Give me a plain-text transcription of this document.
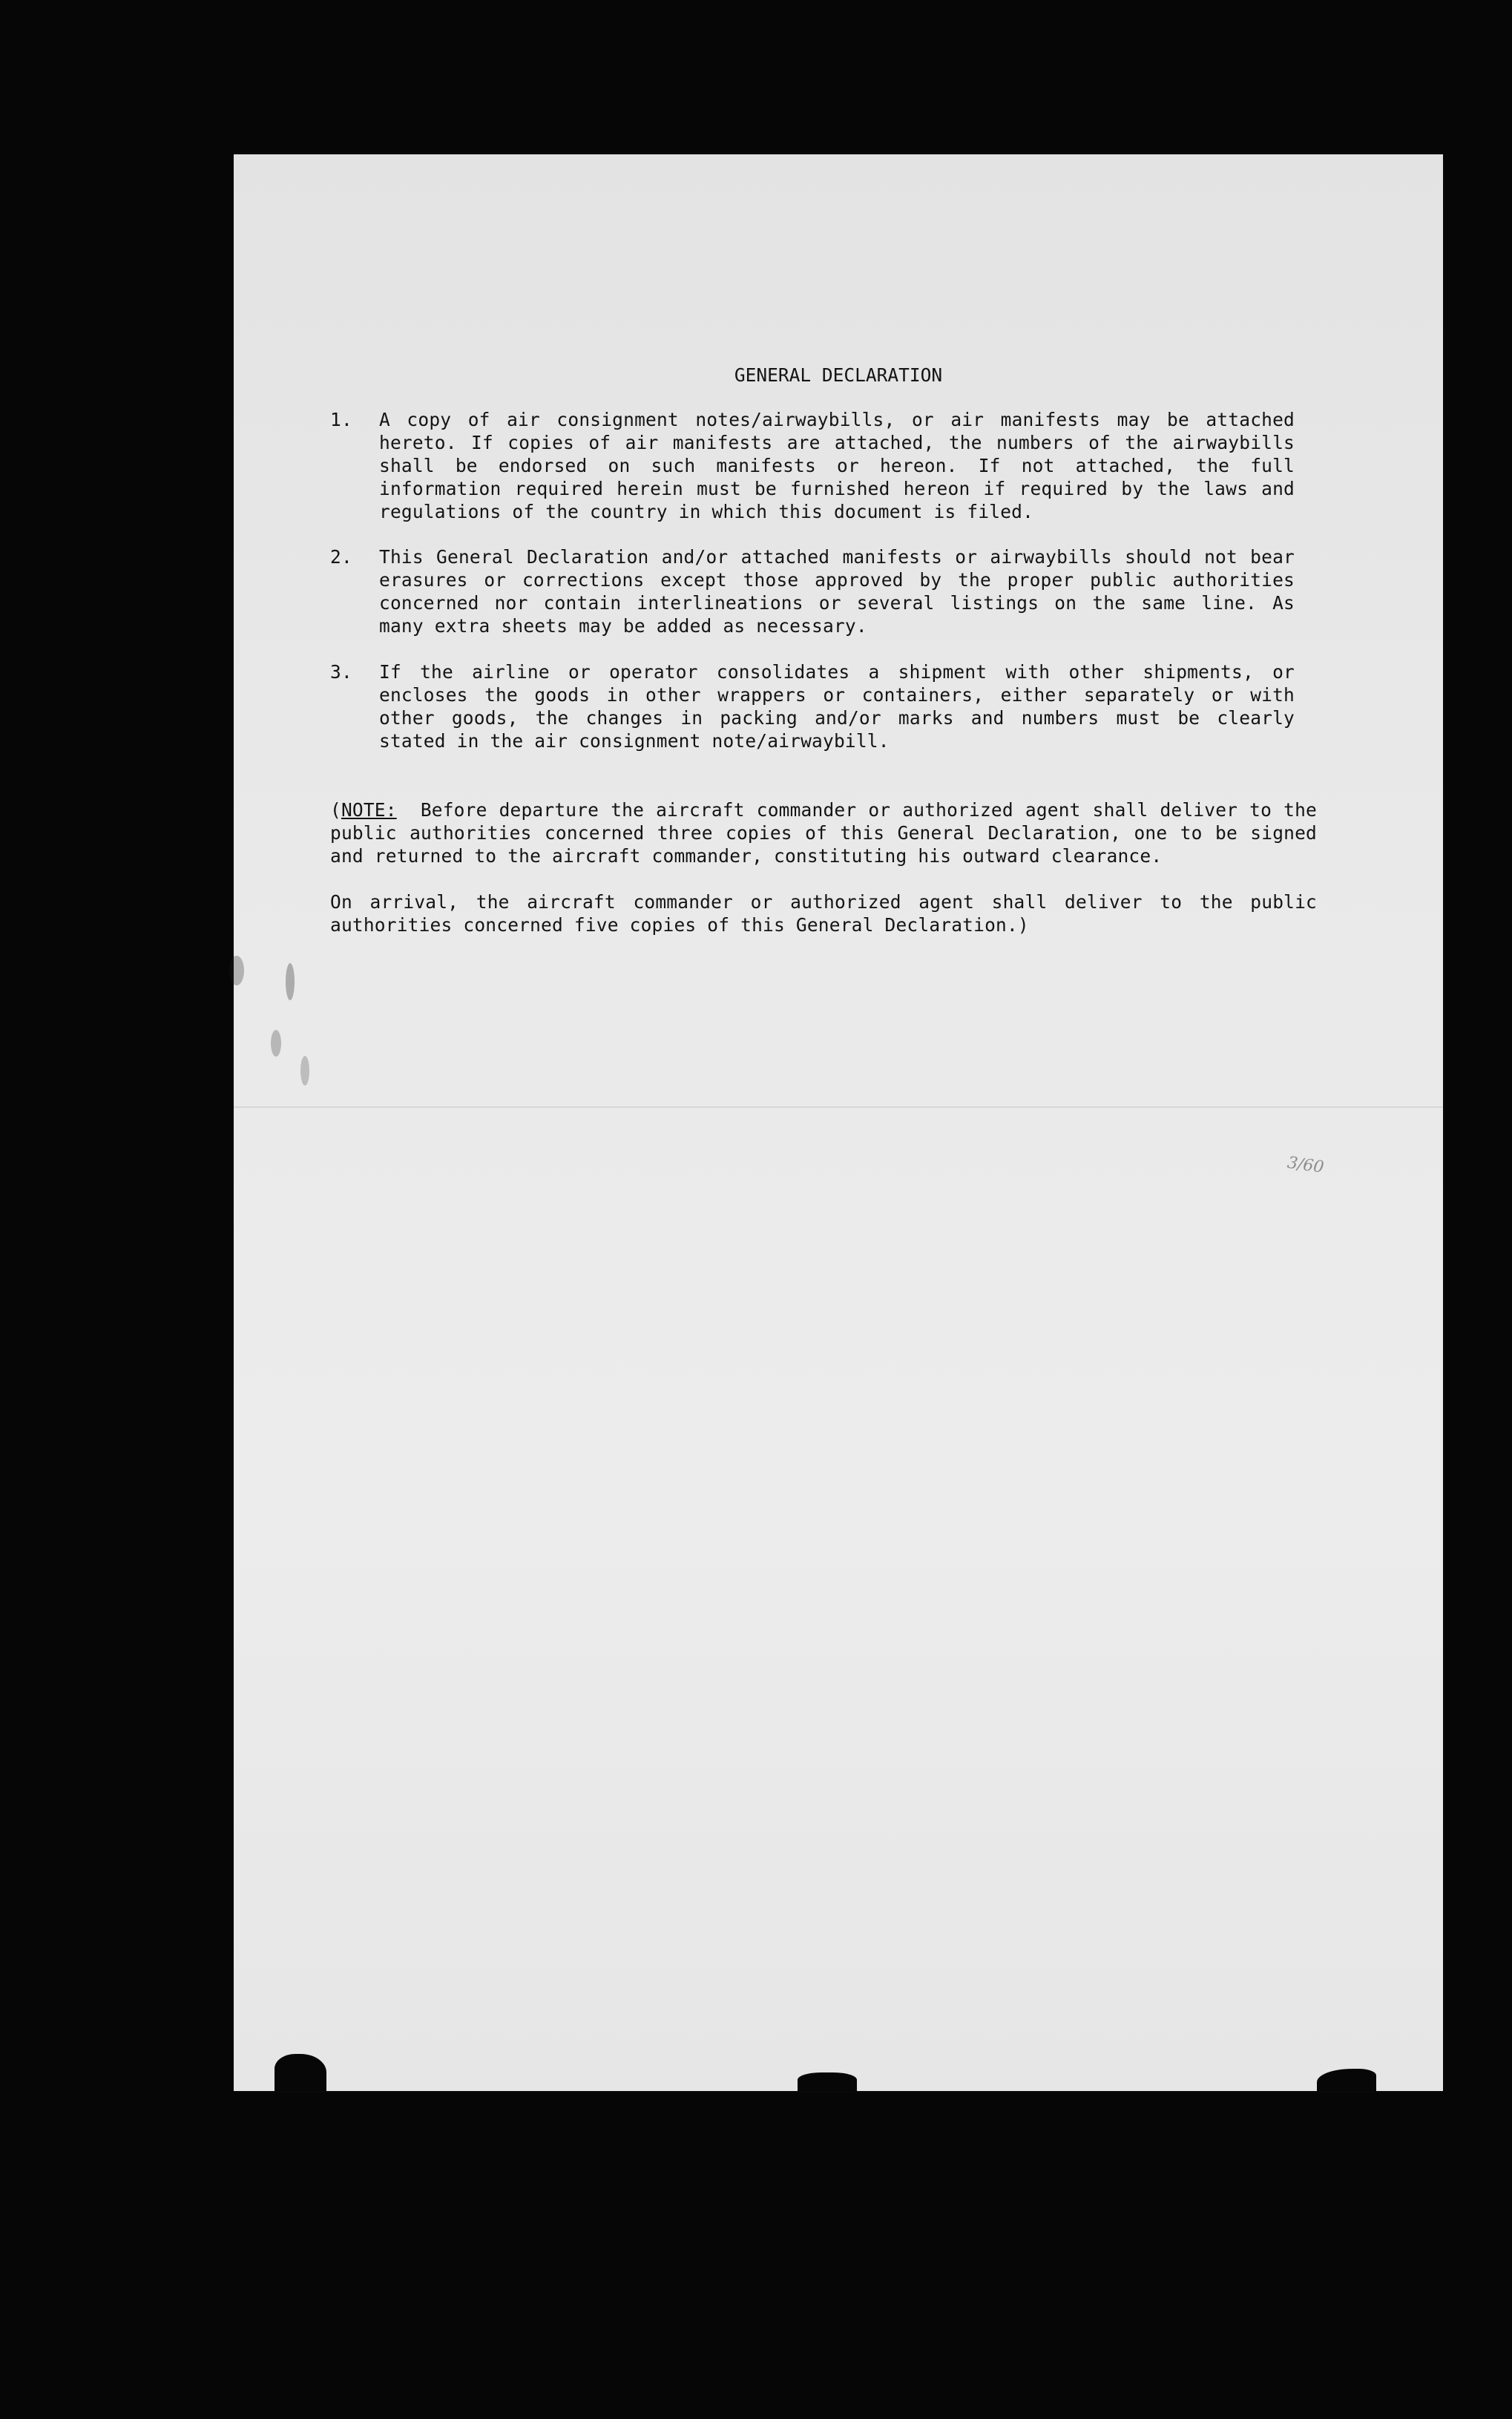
GENERAL DECLARATION
1.	A copy of air consignment notes/airwaybills, or air manifests may be attached hereto. If copies of air manifests are attached, the numbers of the airwaybills shall be endorsed on such manifests or hereon. If not attached, the full information required herein must be furnished hereon if required by the laws and regulations of the country in which this document is filed.
2.	This General Declaration and/or attached manifests or airwaybills should not bear erasures or corrections except those approved by the proper public authorities concerned nor contain interlineations or several listings on the same line. As many extra sheets may be added as necessary.
3.	If the airline or operator consolidates a shipment with other shipments, or encloses the goods in other wrappers or containers, either separately or with other goods, the changes in packing and/or marks and numbers must be clearly stated in the air consignment note/airwaybill.
(NOTE: Before departure the aircraft commander or authorized agent shall deliver to the public authorities concerned three copies of this General Declaration, one to be signed and returned to the aircraft commander, constituting his outward clearance.
On arrival, the aircraft commander or authorized agent shall deliver to the public authorities concerned five copies of this General Declaration.)
3/60
